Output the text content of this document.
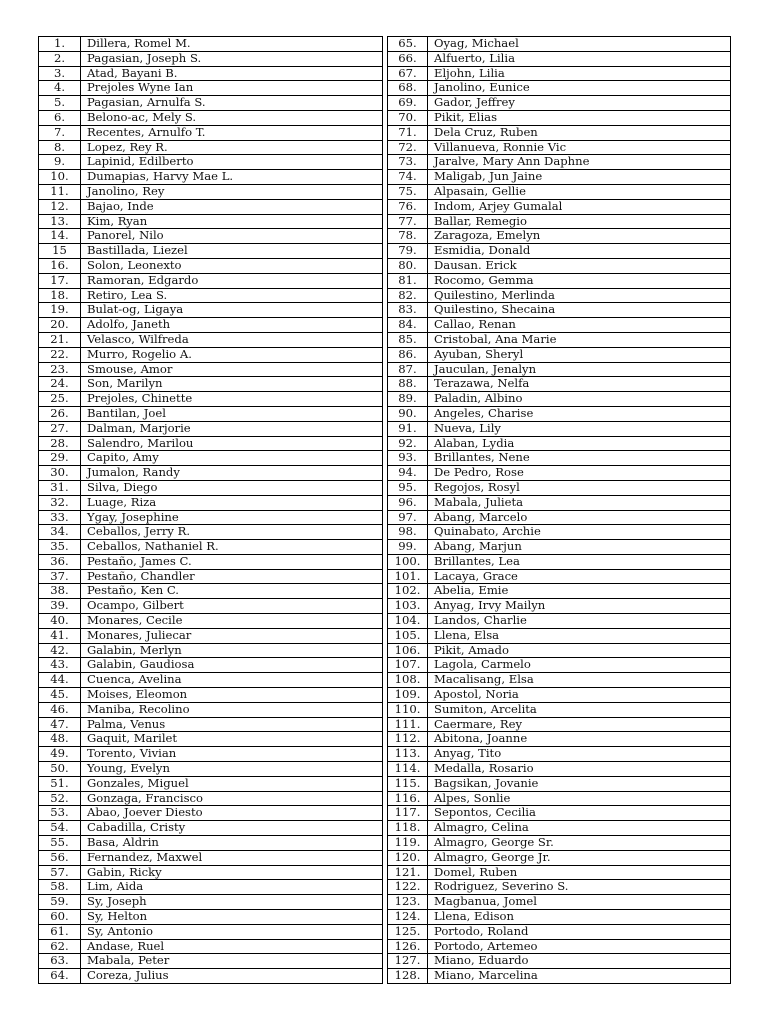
1.	Dillera, Romel M.		65.	Oyag, Michael
2.	Pagasian, Joseph S.		66.	Alfuerto, Lilia
3.	Atad, Bayani B.		67.	Eljohn, Lilia
4.	Prejoles Wyne Ian		68.	Janolino, Eunice
5.	Pagasian, Arnulfa S.		69.	Gador, Jeffrey
6.	Belono-ac, Mely S.		70.	Pikit, Elias
7.	Recentes, Arnulfo T.		71.	Dela Cruz, Ruben
8.	Lopez, Rey R.		72.	Villanueva, Ronnie Vic
9.	Lapinid, Edilberto		73.	Jaralve, Mary Ann Daphne
10.	Dumapias, Harvy Mae L.		74.	Maligab, Jun Jaine
11.	Janolino, Rey		75.	Alpasain, Gellie
12.	Bajao, Inde		76.	Indom, Arjey Gumalal
13.	Kim, Ryan		77.	Ballar, Remegio
14.	Panorel, Nilo		78.	Zaragoza, Emelyn
15	Bastillada, Liezel		79.	Esmidia, Donald
16.	Solon, Leonexto		80.	Dausan. Erick
17.	Ramoran, Edgardo		81.	Rocomo, Gemma
18.	Retiro, Lea S.		82.	Quilestino, Merlinda
19.	Bulat-og, Ligaya		83.	Quilestino, Shecaina
20.	Adolfo, Janeth		84.	Callao, Renan
21.	Velasco, Wilfreda		85.	Cristobal, Ana Marie
22.	Murro, Rogelio A.		86.	Ayuban, Sheryl
23.	Smouse, Amor		87.	Jauculan, Jenalyn
24.	Son, Marilyn		88.	Terazawa, Nelfa
25.	Prejoles, Chinette		89.	Paladin, Albino
26.	Bantilan, Joel		90.	Angeles, Charise
27.	Dalman, Marjorie		91.	Nueva, Lily
28.	Salendro, Marilou		92.	Alaban, Lydia
29.	Capito, Amy		93.	Brillantes, Nene
30.	Jumalon, Randy		94.	De Pedro, Rose
31.	Silva, Diego		95.	Regojos, Rosyl
32.	Luage, Riza		96.	Mabala, Julieta
33.	Ygay, Josephine		97.	Abang, Marcelo
34.	Ceballos, Jerry R.		98.	Quinabato, Archie
35.	Ceballos, Nathaniel R.		99.	Abang, Marjun
36.	Pestaño, James C.		100.	Brillantes, Lea
37.	Pestaño, Chandler		101.	Lacaya, Grace
38.	Pestaño, Ken C.		102.	Abelia, Emie
39.	Ocampo, Gilbert		103.	Anyag, Irvy Mailyn
40.	Monares, Cecile		104.	Landos, Charlie
41.	Monares, Juliecar		105.	Llena, Elsa
42.	Galabin, Merlyn		106.	Pikit, Amado
43.	Galabin, Gaudiosa		107.	Lagola, Carmelo
44.	Cuenca, Avelina		108.	Macalisang, Elsa
45.	Moises, Eleomon		109.	Apostol, Noria
46.	Maniba, Recolino		110.	Sumiton, Arcelita
47.	Palma, Venus		111.	Caermare, Rey
48.	Gaquit, Marilet		112.	Abitona, Joanne
49.	Torento, Vivian		113.	Anyag, Tito
50.	Young, Evelyn		114.	Medalla, Rosario
51.	Gonzales, Miguel		115.	Bagsikan, Jovanie
52.	Gonzaga, Francisco		116.	Alpes, Sonlie
53.	Abao, Joever Diesto		117.	Sepontos, Cecilia
54.	Cabadilla, Cristy		118.	Almagro, Celina
55.	Basa, Aldrin		119.	Almagro, George Sr.
56.	Fernandez, Maxwel		120.	Almagro, George Jr.
57.	Gabin, Ricky		121.	Domel, Ruben
58.	Lim, Aida		122.	Rodriguez, Severino S.
59.	Sy, Joseph		123.	Magbanua, Jomel
60.	Sy, Helton		124.	Llena, Edison
61.	Sy, Antonio		125.	Portodo, Roland
62.	Andase, Ruel		126.	Portodo, Artemeo
63.	Mabala, Peter		127.	Miano, Eduardo
64.	Coreza, Julius		128.	Miano, Marcelina
